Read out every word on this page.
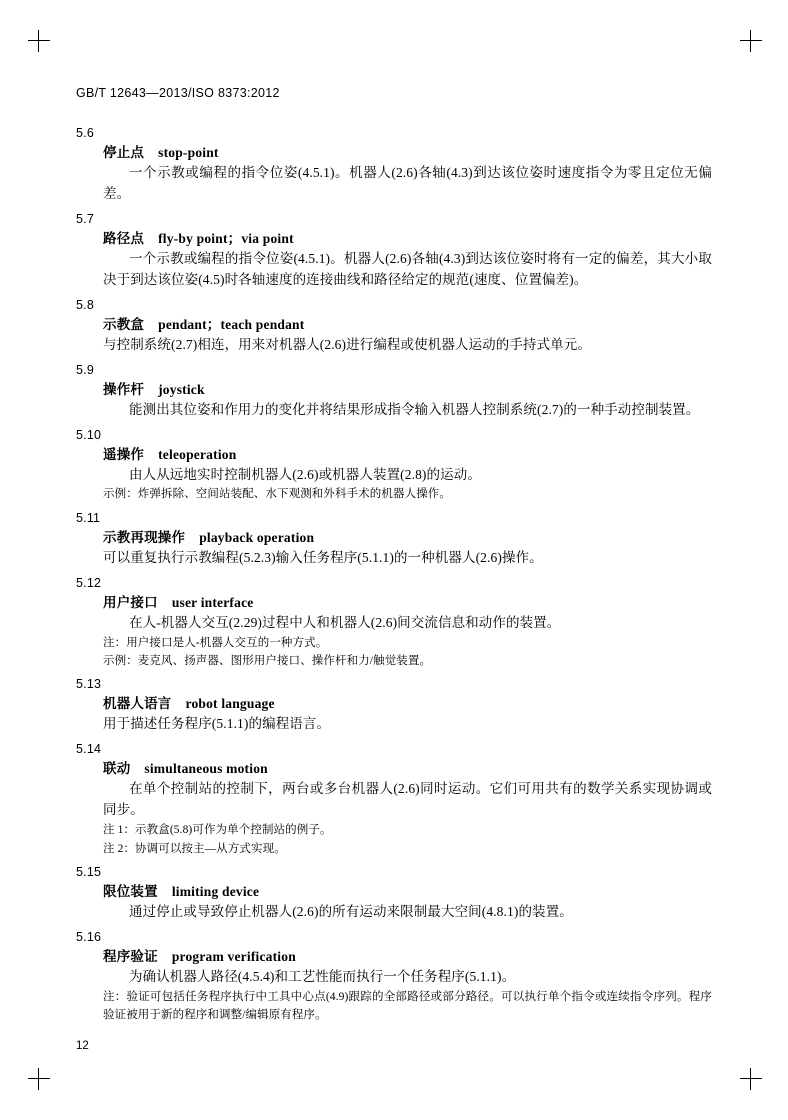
GB/T 12643—2013/ISO 8373:2012
5.6
停止点 stop-point
一个示教或编程的指令位姿(4.5.1)。机器人(2.6)各轴(4.3)到达该位姿时速度指令为零且定位无偏差。
5.7
路径点 fly-by point；via point
一个示教或编程的指令位姿(4.5.1)。机器人(2.6)各轴(4.3)到达该位姿时将有一定的偏差，其大小取决于到达该位姿(4.5)时各轴速度的连接曲线和路径给定的规范(速度、位置偏差)。
5.8
示教盒 pendant；teach pendant
与控制系统(2.7)相连，用来对机器人(2.6)进行编程或使机器人运动的手持式单元。
5.9
操作杆 joystick
能测出其位姿和作用力的变化并将结果形成指令输入机器人控制系统(2.7)的一种手动控制装置。
5.10
遥操作 teleoperation
由人从远地实时控制机器人(2.6)或机器人装置(2.8)的运动。
示例：炸弹拆除、空间站装配、水下观测和外科手术的机器人操作。
5.11
示教再现操作 playback operation
可以重复执行示教编程(5.2.3)输入任务程序(5.1.1)的一种机器人(2.6)操作。
5.12
用户接口 user interface
在人-机器人交互(2.29)过程中人和机器人(2.6)间交流信息和动作的装置。
注：用户接口是人-机器人交互的一种方式。
示例：麦克风、扬声器、图形用户接口、操作杆和力/触觉装置。
5.13
机器人语言 robot language
用于描述任务程序(5.1.1)的编程语言。
5.14
联动 simultaneous motion
在单个控制站的控制下，两台或多台机器人(2.6)同时运动。它们可用共有的数学关系实现协调或同步。
注 1：示教盒(5.8)可作为单个控制站的例子。
注 2：协调可以按主—从方式实现。
5.15
限位装置 limiting device
通过停止或导致停止机器人(2.6)的所有运动来限制最大空间(4.8.1)的装置。
5.16
程序验证 program verification
为确认机器人路径(4.5.4)和工艺性能而执行一个任务程序(5.1.1)。
注：验证可包括任务程序执行中工具中心点(4.9)跟踪的全部路径或部分路径。可以执行单个指令或连续指令序列。程序验证被用于新的程序和调整/编辑原有程序。
12
